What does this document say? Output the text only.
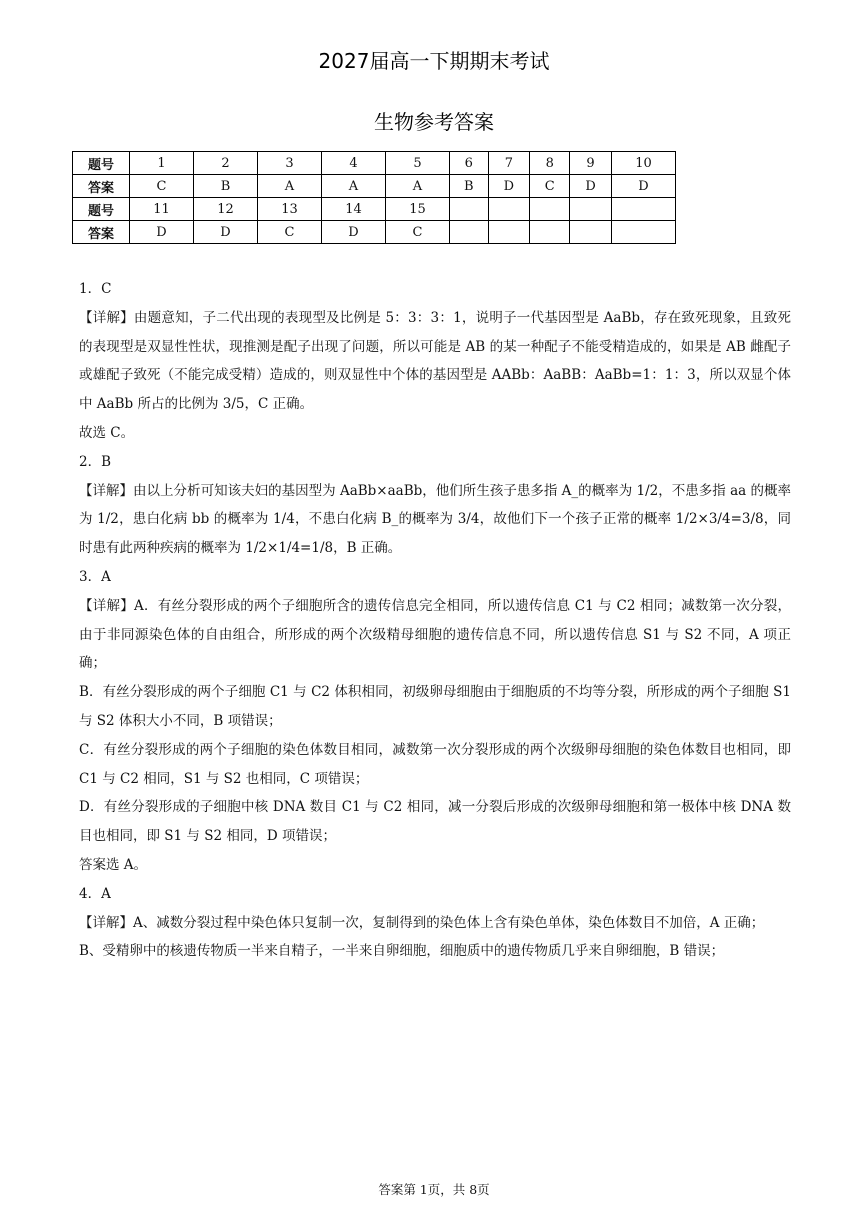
2027届高一下期期末考试
生物参考答案
题号	1	2	3	4	5	6	7	8	9	10
答案	C	B	A	A	A	B	D	C	D	D
题号	11	12	13	14	15					
答案	D	D	C	D	C					

1．C

【详解】由题意知，子二代出现的表现型及比例是 5：3：3：1，说明子一代基因型是 AaBb，存在致死现象，且致死的表现型是双显性性状，现推测是配子出现了问题，所以可能是 AB 的某一种配子不能受精造成的，如果是 AB 雌配子或雄配子致死（不能完成受精）造成的，则双显性中个体的基因型是 AABb：AaBB：AaBb=1：1：3，所以双显个体中 AaBb 所占的比例为 3/5，C 正确。

故选 C。

2．B

【详解】由以上分析可知该夫妇的基因型为 AaBb×aaBb，他们所生孩子患多指 A_的概率为 1/2，不患多指 aa 的概率为 1/2，患白化病 bb 的概率为 1/4，不患白化病 B_的概率为 3/4，故他们下一个孩子正常的概率 1/2×3/4=3/8，同时患有此两种疾病的概率为 1/2×1/4=1/8，B 正确。

3．A

【详解】A．有丝分裂形成的两个子细胞所含的遗传信息完全相同，所以遗传信息 C1 与 C2 相同；减数第一次分裂，由于非同源染色体的自由组合，所形成的两个次级精母细胞的遗传信息不同，所以遗传信息 S1 与 S2 不同，A 项正确；

B．有丝分裂形成的两个子细胞 C1 与 C2 体积相同，初级卵母细胞由于细胞质的不均等分裂，所形成的两个子细胞 S1 与 S2 体积大小不同，B 项错误；

C．有丝分裂形成的两个子细胞的染色体数目相同，减数第一次分裂形成的两个次级卵母细胞的染色体数目也相同，即 C1 与 C2 相同，S1 与 S2 也相同，C 项错误；

D．有丝分裂形成的子细胞中核 DNA 数目 C1 与 C2 相同，减一分裂后形成的次级卵母细胞和第一极体中核 DNA 数目也相同，即 S1 与 S2 相同，D 项错误；

答案选 A。

4．A

【详解】A、减数分裂过程中染色体只复制一次，复制得到的染色体上含有染色单体，染色体数目不加倍，A 正确；

B、受精卵中的核遗传物质一半来自精子，一半来自卵细胞，细胞质中的遗传物质几乎来自卵细胞，B 错误；

答案第 1页，共 8页
